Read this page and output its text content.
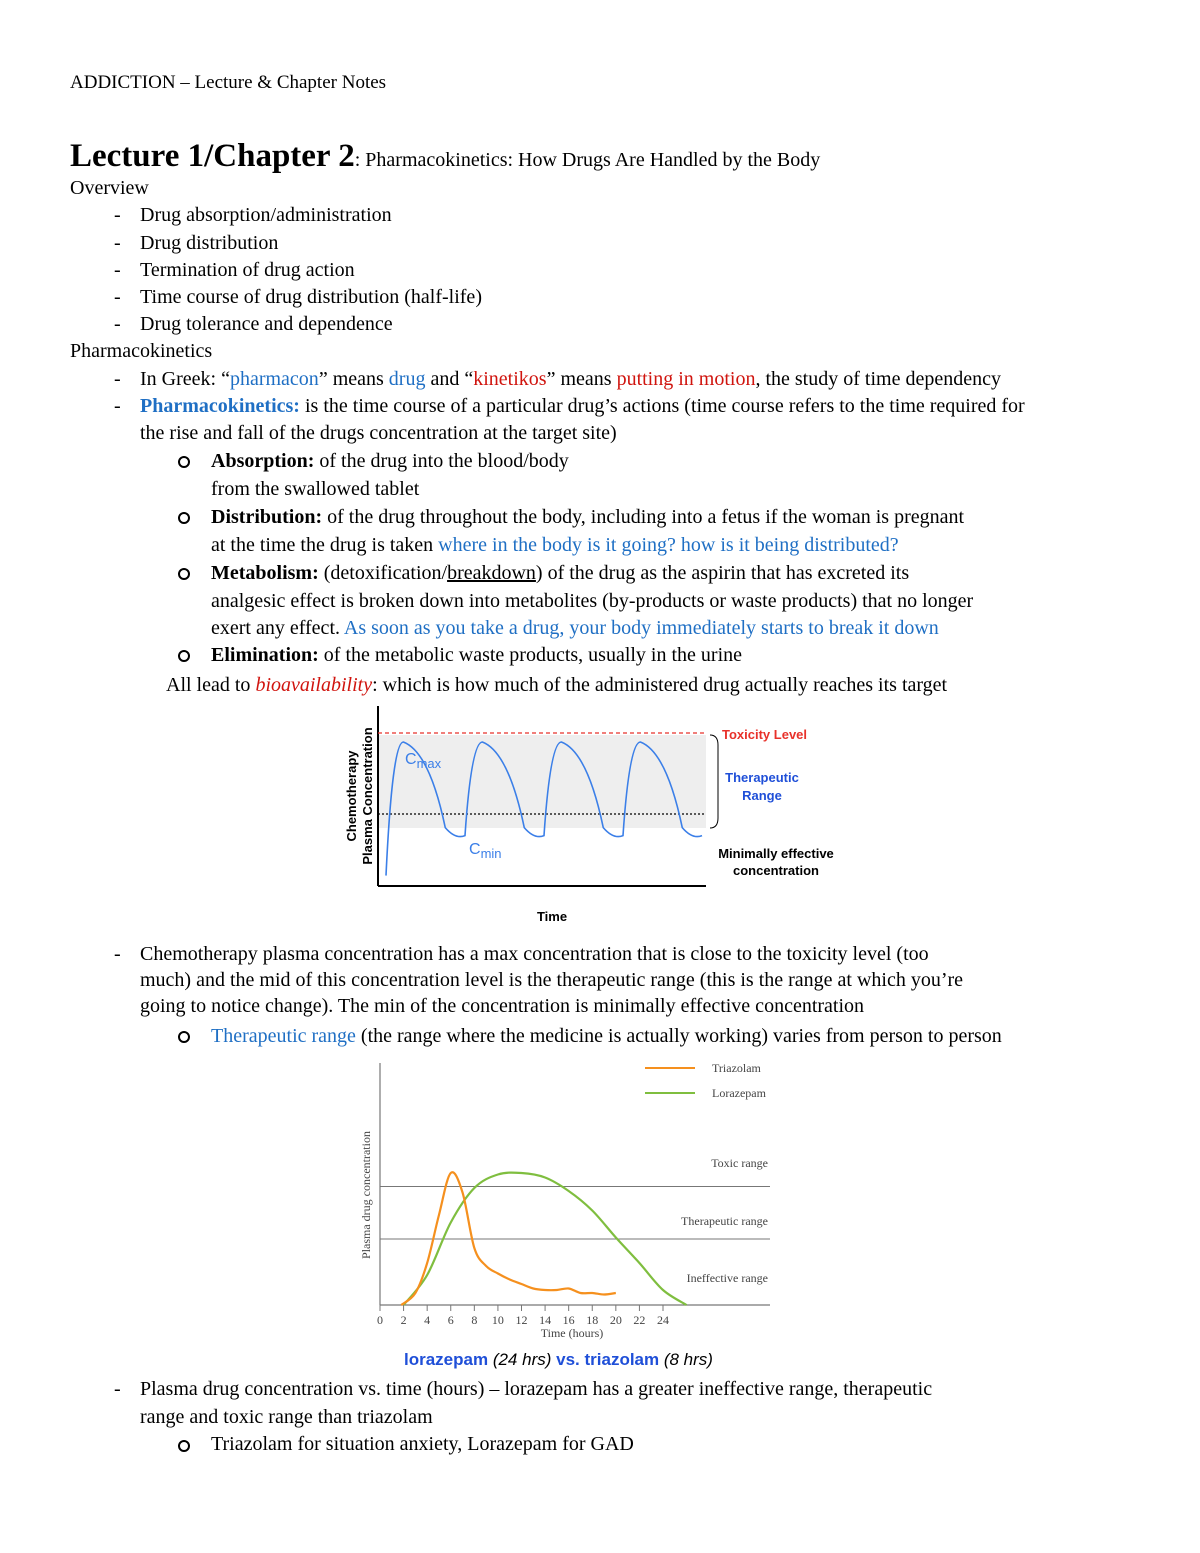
ADDICTION – Lecture & Chapter Notes
Lecture 1/Chapter 2: Pharmacokinetics: How Drugs Are Handled by the Body
Overview
- Drug absorption/administration
- Drug distribution
- Termination of drug action
- Time course of drug distribution (half-life)
- Drug tolerance and dependence
Pharmacokinetics
- In Greek: “pharmacon” means drug and “kinetikos” means putting in motion, the study of time dependency
- Pharmacokinetics: is the time course of a particular drug’s actions (time course refers to the time required for
the rise and fall of the drugs concentration at the target site)
Absorption: of the drug into the blood/body
from the swallowed tablet
Distribution: of the drug throughout the body, including into a fetus if the woman is pregnant
at the time the drug is taken where in the body is it going? how is it being distributed?
Metabolism: (detoxification/breakdown) of the drug as the aspirin that has excreted its
analgesic effect is broken down into metabolites (by-products or waste products) that no longer
exert any effect. As soon as you take a drug, your body immediately starts to break it down
Elimination: of the metabolic waste products, usually in the urine
All lead to bioavailability: which is how much of the administered drug actually reaches its target
Chemotherapy Plasma Concentration $C_{max}$
$C_{min}$
Toxicity Level
Therapeutic
Range
Minimally effective
concentration
Time
- Chemotherapy plasma concentration has a max concentration that is close to the toxicity level (too
much) and the mid of this concentration level is the therapeutic range (this is the range at which you’re
going to notice change). The min of the concentration is minimally effective concentration
Therapeutic range (the range where the medicine is actually working) varies from person to person
Triazolam
Lorazepam
Toxic range
Therapeutic range
Ineffective range
Plasma drug concentration
0 2 4 6 8 10 12 14 16 18 20 22 24
Time (hours)
lorazepam (24 hrs) vs. triazolam (8 hrs)
- Plasma drug concentration vs. time (hours) – lorazepam has a greater ineffective range, therapeutic
range and toxic range than triazolam
Triazolam for situation anxiety, Lorazepam for GAD
